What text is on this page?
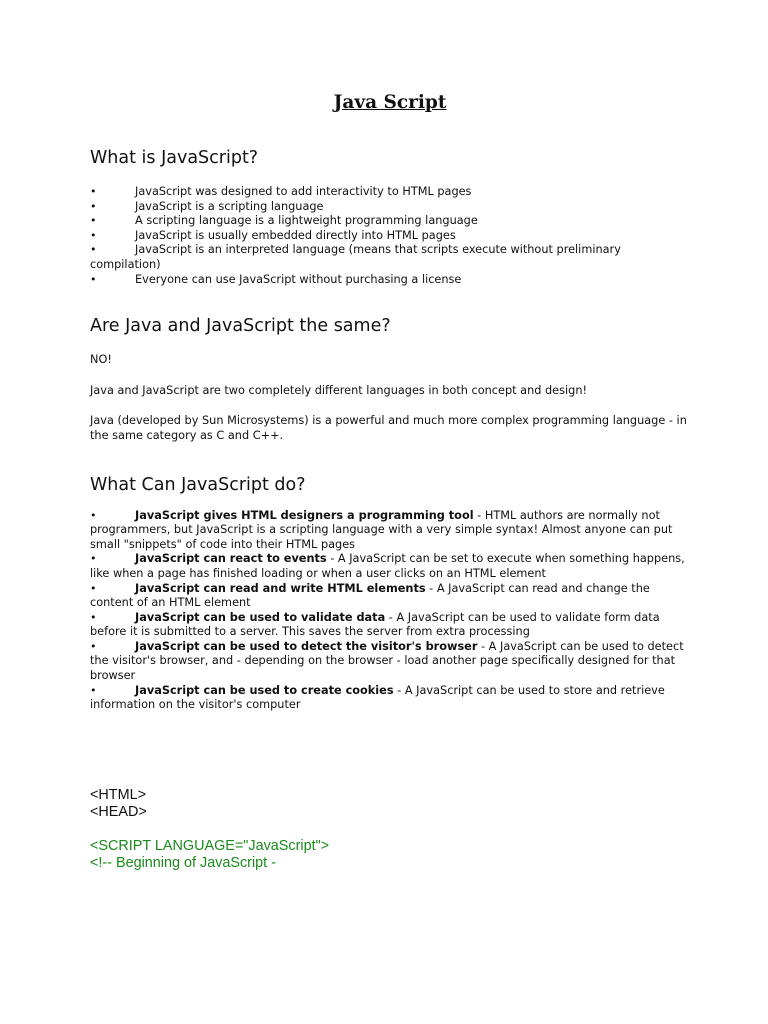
Java Script
What is JavaScript?
•	JavaScript was designed to add interactivity to HTML pages
•	JavaScript is a scripting language
•	A scripting language is a lightweight programming language
•	JavaScript is usually embedded directly into HTML pages
•	JavaScript is an interpreted language (means that scripts execute without preliminary compilation)
•	Everyone can use JavaScript without purchasing a license
Are Java and JavaScript the same?

NO!

Java and JavaScript are two completely different languages in both concept and design!

Java (developed by Sun Microsystems) is a powerful and much more complex programming language - in the same category as C and C++.

What Can JavaScript do?
•	JavaScript gives HTML designers a programming tool - HTML authors are normally not programmers, but JavaScript is a scripting language with a very simple syntax! Almost anyone can put small "snippets" of code into their HTML pages
•	JavaScript can react to events - A JavaScript can be set to execute when something happens, like when a page has finished loading or when a user clicks on an HTML element
•	JavaScript can read and write HTML elements - A JavaScript can read and change the content of an HTML element
•	JavaScript can be used to validate data - A JavaScript can be used to validate form data before it is submitted to a server. This saves the server from extra processing
•	JavaScript can be used to detect the visitor's browser - A JavaScript can be used to detect the visitor's browser, and - depending on the browser - load another page specifically designed for that browser
•	JavaScript can be used to create cookies - A JavaScript can be used to store and retrieve information on the visitor's computer
<HTML>
<HEAD>
<SCRIPT LANGUAGE="JavaScript">
<!-- Beginning of JavaScript -
